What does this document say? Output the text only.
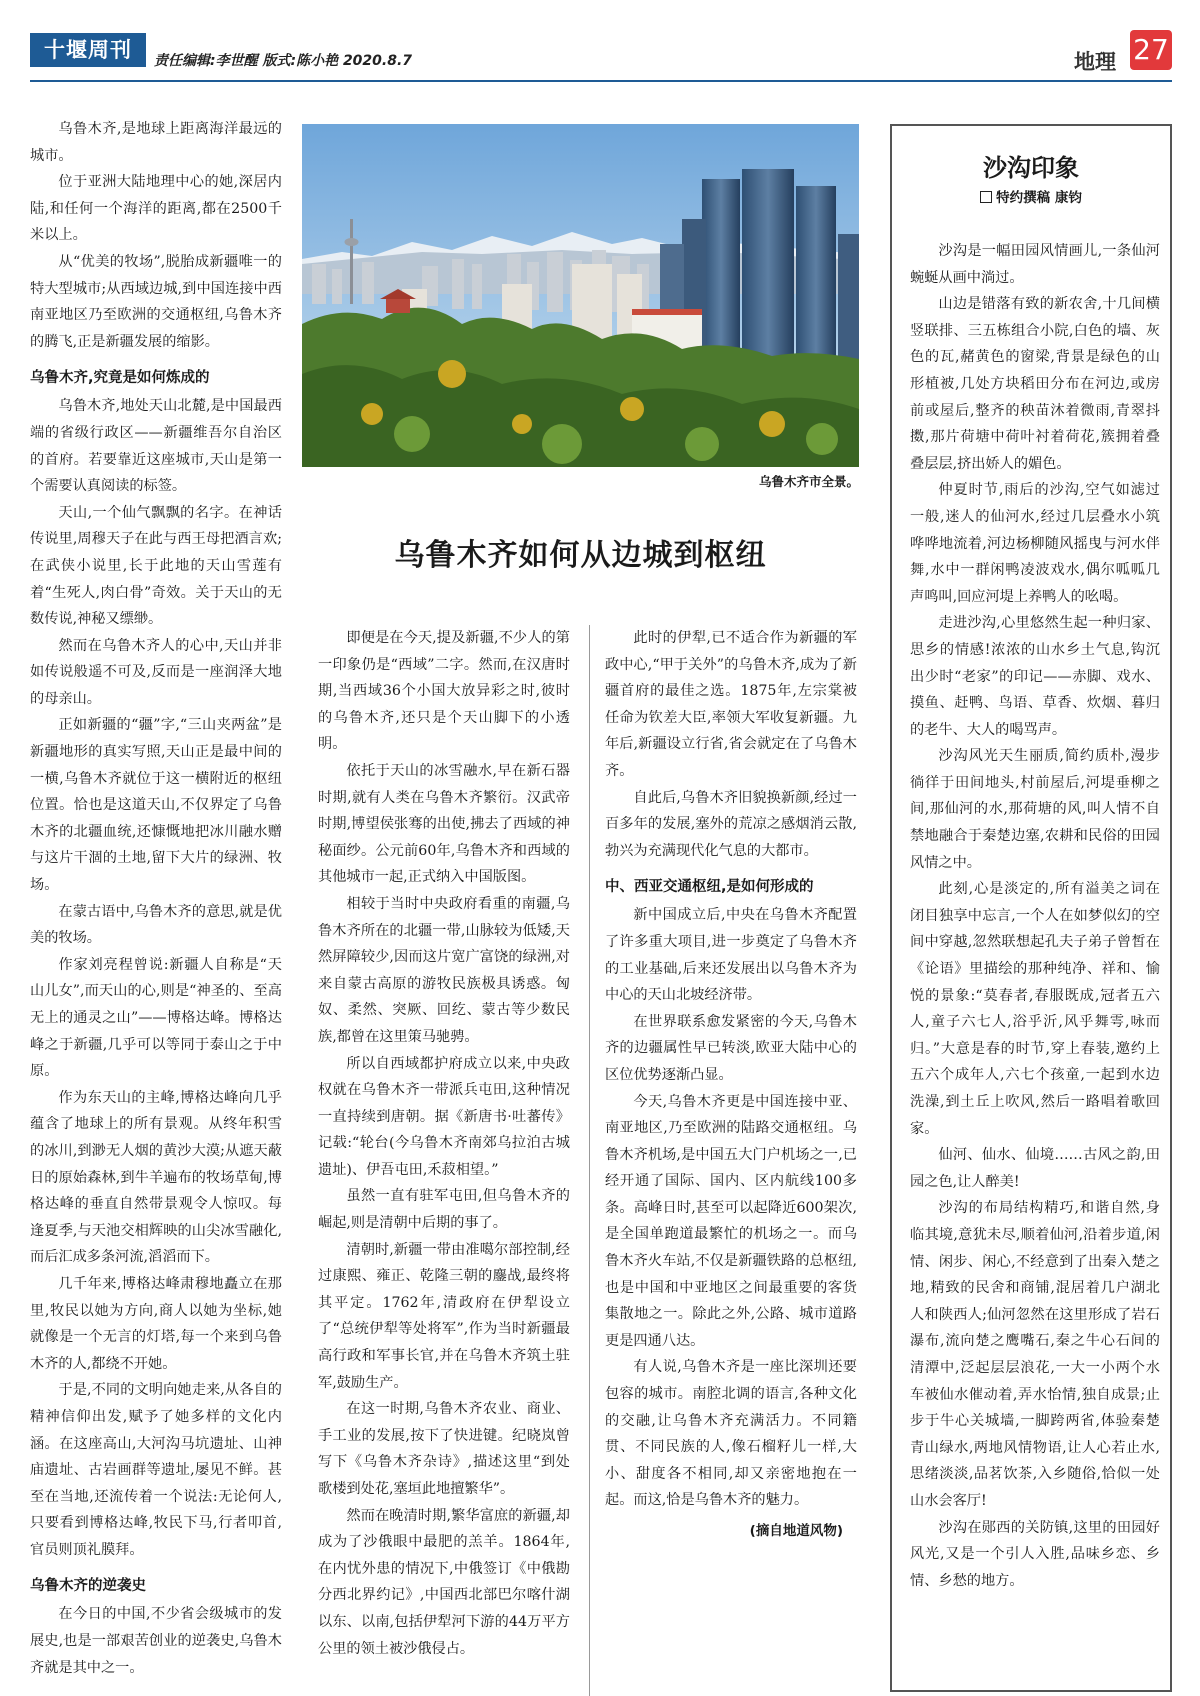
十堰周刊	责任编辑:李世醒 版式:陈小艳 2020.8.7	地理 27

乌鲁木齐,是地球上距离海洋最远的城市。

位于亚洲大陆地理中心的她,深居内陆,和任何一个海洋的距离,都在2500千米以上。

从“优美的牧场”,脱胎成新疆唯一的特大型城市;从西域边城,到中国连接中西南亚地区乃至欧洲的交通枢纽,乌鲁木齐的腾飞,正是新疆发展的缩影。

乌鲁木齐,究竟是如何炼成的

乌鲁木齐,地处天山北麓,是中国最西端的省级行政区——新疆维吾尔自治区的首府。若要靠近这座城市,天山是第一个需要认真阅读的标签。

天山,一个仙气飘飘的名字。在神话传说里,周穆天子在此与西王母把酒言欢;在武侠小说里,长于此地的天山雪莲有着“生死人,肉白骨”奇效。关于天山的无数传说,神秘又缥缈。

然而在乌鲁木齐人的心中,天山并非如传说般遥不可及,反而是一座润泽大地的母亲山。

正如新疆的“疆”字,“三山夹两盆”是新疆地形的真实写照,天山正是最中间的一横,乌鲁木齐就位于这一横附近的枢纽位置。恰也是这道天山,不仅界定了乌鲁木齐的北疆血统,还慷慨地把冰川融水赠与这片干涸的土地,留下大片的绿洲、牧场。

在蒙古语中,乌鲁木齐的意思,就是优美的牧场。

作家刘亮程曾说:新疆人自称是“天山儿女”,而天山的心,则是“神圣的、至高无上的通灵之山”——博格达峰。博格达峰之于新疆,几乎可以等同于泰山之于中原。

作为东天山的主峰,博格达峰向几乎蕴含了地球上的所有景观。从终年积雪的冰川,到渺无人烟的黄沙大漠;从遮天蔽日的原始森林,到牛羊遍布的牧场草甸,博格达峰的垂直自然带景观令人惊叹。每逢夏季,与天池交相辉映的山尖冰雪融化,而后汇成多条河流,滔滔而下。

几千年来,博格达峰肃穆地矗立在那里,牧民以她为方向,商人以她为坐标,她就像是一个无言的灯塔,每一个来到乌鲁木齐的人,都绕不开她。

于是,不同的文明向她走来,从各自的精神信仰出发,赋予了她多样的文化内涵。在这座高山,大河沟马坑遗址、山神庙遗址、古岩画群等遗址,屡见不鲜。甚至在当地,还流传着一个说法:无论何人,只要看到博格达峰,牧民下马,行者叩首,官员则顶礼膜拜。

乌鲁木齐的逆袭史

在今日的中国,不少省会级城市的发展史,也是一部艰苦创业的逆袭史,乌鲁木齐就是其中之一。

乌鲁木齐市全景。
乌鲁木齐如何从边城到枢纽

即便是在今天,提及新疆,不少人的第一印象仍是“西域”二字。然而,在汉唐时期,当西域36个小国大放异彩之时,彼时的乌鲁木齐,还只是个天山脚下的小透明。

依托于天山的冰雪融水,早在新石器时期,就有人类在乌鲁木齐繁衍。汉武帝时期,博望侯张骞的出使,拂去了西域的神秘面纱。公元前60年,乌鲁木齐和西域的其他城市一起,正式纳入中国版图。

相较于当时中央政府看重的南疆,乌鲁木齐所在的北疆一带,山脉较为低矮,天然屏障较少,因而这片宽广富饶的绿洲,对来自蒙古高原的游牧民族极具诱惑。匈奴、柔然、突厥、回纥、蒙古等少数民族,都曾在这里策马驰骋。

所以自西域都护府成立以来,中央政权就在乌鲁木齐一带派兵屯田,这种情况一直持续到唐朝。据《新唐书·吐蕃传》记载:“轮台(今乌鲁木齐南郊乌拉泊古城遗址)、伊吾屯田,禾菽相望。”

虽然一直有驻军屯田,但乌鲁木齐的崛起,则是清朝中后期的事了。

清朝时,新疆一带由准噶尔部控制,经过康熙、雍正、乾隆三朝的鏖战,最终将其平定。1762年,清政府在伊犁设立了“总统伊犁等处将军”,作为当时新疆最高行政和军事长官,并在乌鲁木齐筑土驻军,鼓励生产。

在这一时期,乌鲁木齐农业、商业、手工业的发展,按下了快进键。纪晓岚曾写下《乌鲁木齐杂诗》,描述这里“到处歌楼到处花,塞垣此地擅繁华”。

然而在晚清时期,繁华富庶的新疆,却成为了沙俄眼中最肥的羔羊。1864年,在内忧外患的情况下,中俄签订《中俄勘分西北界约记》,中国西北部巴尔喀什湖以东、以南,包括伊犁河下游的44万平方公里的领土被沙俄侵占。

此时的伊犁,已不适合作为新疆的军政中心,“甲于关外”的乌鲁木齐,成为了新疆首府的最佳之选。1875年,左宗棠被任命为钦差大臣,率领大军收复新疆。九年后,新疆设立行省,省会就定在了乌鲁木齐。

自此后,乌鲁木齐旧貌换新颜,经过一百多年的发展,塞外的荒凉之感烟消云散,勃兴为充满现代化气息的大都市。

中、西亚交通枢纽,是如何形成的

新中国成立后,中央在乌鲁木齐配置了许多重大项目,进一步奠定了乌鲁木齐的工业基础,后来还发展出以乌鲁木齐为中心的天山北坡经济带。

在世界联系愈发紧密的今天,乌鲁木齐的边疆属性早已转淡,欧亚大陆中心的区位优势逐渐凸显。

今天,乌鲁木齐更是中国连接中亚、南亚地区,乃至欧洲的陆路交通枢纽。乌鲁木齐机场,是中国五大门户机场之一,已经开通了国际、国内、区内航线100多条。高峰日时,甚至可以起降近600架次,是全国单跑道最繁忙的机场之一。而乌鲁木齐火车站,不仅是新疆铁路的总枢纽,也是中国和中亚地区之间最重要的客货集散地之一。除此之外,公路、城市道路更是四通八达。

有人说,乌鲁木齐是一座比深圳还要包容的城市。南腔北调的语言,各种文化的交融,让乌鲁木齐充满活力。不同籍贯、不同民族的人,像石榴籽儿一样,大小、甜度各不相同,却又亲密地抱在一起。而这,恰是乌鲁木齐的魅力。

(摘自地道风物)
沙沟印象
特约撰稿 康钧

沙沟是一幅田园风情画儿,一条仙河蜿蜒从画中淌过。

山边是错落有致的新农舍,十几间横竖联排、三五栋组合小院,白色的墙、灰色的瓦,赭黄色的窗梁,背景是绿色的山形植被,几处方块稻田分布在河边,或房前或屋后,整齐的秧苗沐着微雨,青翠抖擞,那片荷塘中荷叶衬着荷花,簇拥着叠叠层层,挤出娇人的媚色。

仲夏时节,雨后的沙沟,空气如滤过一般,迷人的仙河水,经过几层叠水小筑哗哗地流着,河边杨柳随风摇曳与河水伴舞,水中一群闲鸭凌波戏水,偶尔呱呱几声鸣叫,回应河堤上养鸭人的吆喝。

走进沙沟,心里悠然生起一种归家、思乡的情感!浓浓的山水乡土气息,钩沉出少时“老家”的印记——赤脚、戏水、摸鱼、赶鸭、鸟语、草香、炊烟、暮归的老牛、大人的喝骂声。

沙沟风光天生丽质,简约质朴,漫步徜徉于田间地头,村前屋后,河堤垂柳之间,那仙河的水,那荷塘的风,叫人情不自禁地融合于秦楚边塞,农耕和民俗的田园风情之中。

此刻,心是淡定的,所有溢美之词在闭目独享中忘言,一个人在如梦似幻的空间中穿越,忽然联想起孔夫子弟子曾皙在《论语》里描绘的那种纯净、祥和、愉悦的景象:“莫春者,春服既成,冠者五六人,童子六七人,浴乎沂,风乎舞雩,咏而归。”大意是春的时节,穿上春装,邀约上五六个成年人,六七个孩童,一起到水边洗澡,到土丘上吹风,然后一路唱着歌回家。

仙河、仙水、仙境……古风之韵,田园之色,让人醉美!

沙沟的布局结构精巧,和谐自然,身临其境,意犹未尽,顺着仙河,沿着步道,闲情、闲步、闲心,不经意到了出秦入楚之地,精致的民舍和商铺,混居着几户湖北人和陕西人;仙河忽然在这里形成了岩石瀑布,流向楚之鹰嘴石,秦之牛心石间的清潭中,泛起层层浪花,一大一小两个水车被仙水催动着,弄水怡情,独自成景;止步于牛心关城墙,一脚跨两省,体验秦楚青山绿水,两地风情物语,让人心若止水,思绪淡淡,品茗饮茶,入乡随俗,恰似一处山水会客厅!

沙沟在郧西的关防镇,这里的田园好风光,又是一个引人入胜,品味乡恋、乡情、乡愁的地方。
